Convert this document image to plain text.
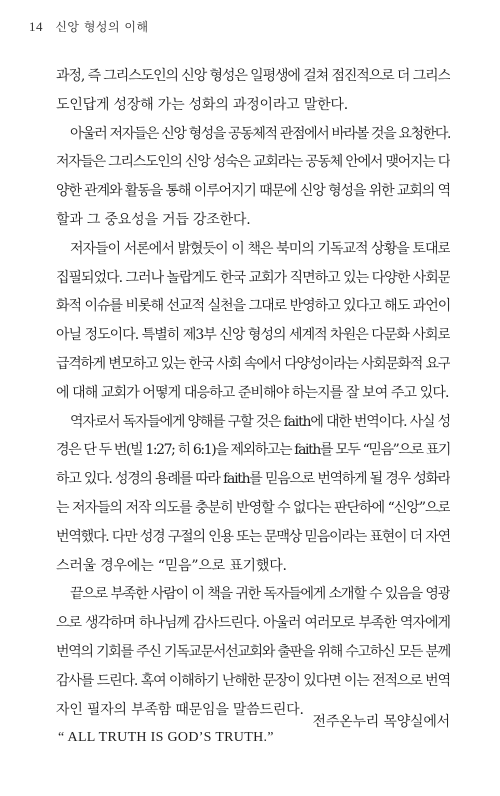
14 신앙 형성의 이해
과정, 즉 그리스도인의 신앙 형성은 일평생에 걸쳐 점진적으로 더 그리스
도인답게 성장해 가는 성화의 과정이라고 말한다.
아울러 저자들은 신앙 형성을 공동체적 관점에서 바라볼 것을 요청한다.
저자들은 그리스도인의 신앙 성숙은 교회라는 공동체 안에서 맺어지는 다
양한 관계와 활동을 통해 이루어지기 때문에 신앙 형성을 위한 교회의 역
할과 그 중요성을 거듭 강조한다.
저자들이 서론에서 밝혔듯이 이 책은 북미의 기독교적 상황을 토대로
집필되었다. 그러나 놀랍게도 한국 교회가 직면하고 있는 다양한 사회문
화적 이슈를 비롯해 선교적 실천을 그대로 반영하고 있다고 해도 과언이
아닐 정도이다. 특별히 제3부 신앙 형성의 세계적 차원은 다문화 사회로
급격하게 변모하고 있는 한국 사회 속에서 다양성이라는 사회문화적 요구
에 대해 교회가 어떻게 대응하고 준비해야 하는지를 잘 보여 주고 있다.
역자로서 독자들에게 양해를 구할 것은 faith에 대한 번역이다. 사실 성
경은 단 두 번(빌 1:27; 히 6:1)을 제외하고는 faith를 모두 “믿음”으로 표기
하고 있다. 성경의 용례를 따라 faith를 믿음으로 번역하게 될 경우 성화라
는 저자들의 저작 의도를 충분히 반영할 수 없다는 판단하에 “신앙”으로
번역했다. 다만 성경 구절의 인용 또는 문맥상 믿음이라는 표현이 더 자연
스러울 경우에는 “믿음”으로 표기했다.
끝으로 부족한 사람이 이 책을 귀한 독자들에게 소개할 수 있음을 영광
으로 생각하며 하나님께 감사드린다. 아울러 여러모로 부족한 역자에게
번역의 기회를 주신 기독교문서선교회와 출판을 위해 수고하신 모든 분께
감사를 드린다. 혹여 이해하기 난해한 문장이 있다면 이는 전적으로 번역
자인 필자의 부족함 때문임을 말씀드린다.
“ ALL TRUTH IS GOD’S TRUTH.”
전주온누리 목양실에서
